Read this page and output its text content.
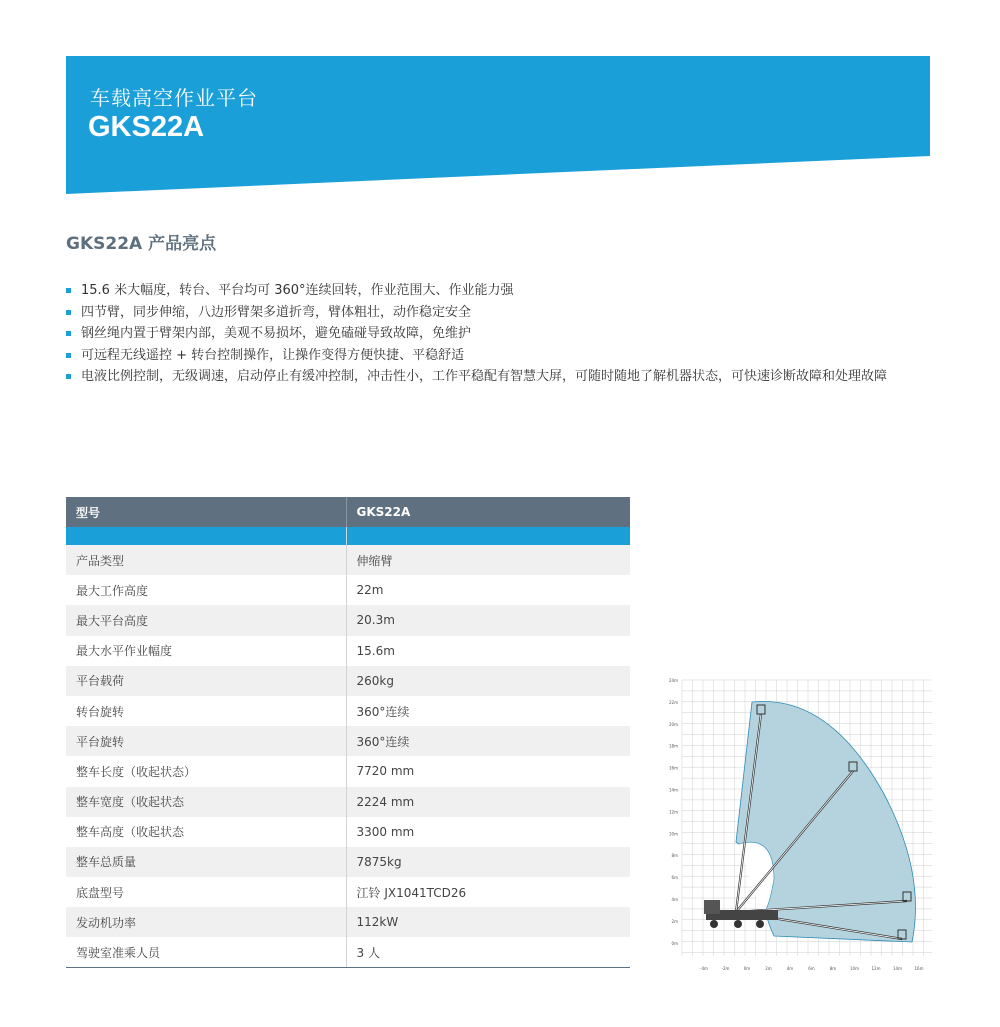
车载高空作业平台
GKS22A
GKS22A 产品亮点
15.6 米大幅度，转台、平台均可 360°连续回转，作业范围大、作业能力强
四节臂，同步伸缩，八边形臂架多道折弯，臂体粗壮，动作稳定安全
钢丝绳内置于臂架内部，美观不易损坏，避免磕碰导致故障，免维护
可远程无线遥控 + 转台控制操作，让操作变得方便快捷、平稳舒适
电液比例控制，无级调速，启动停止有缓冲控制，冲击性小，工作平稳配有智慧大屏，可随时随地了解机器状态，可快速诊断故障和处理故障
型号	GKS22A

产品类型	伸缩臂
最大工作高度	22m
最大平台高度	20.3m
最大水平作业幅度	15.6m
平台载荷	260kg
转台旋转	360°连续
平台旋转	360°连续
整车长度（收起状态）	7720 mm
整车宽度（收起状态	2224 mm
整车高度（收起状态	3300 mm
整车总质量	7875kg
底盘型号	江铃 JX1041TCD26
发动机功率	112kW
驾驶室准乘人员	3 人
24m
22m
20m
18m
16m
14m
12m
10m
8m
6m
4m
2m
0m
-4m	-2m	0m	2m	4m	6m	8m	10m	12m	14m	16m
